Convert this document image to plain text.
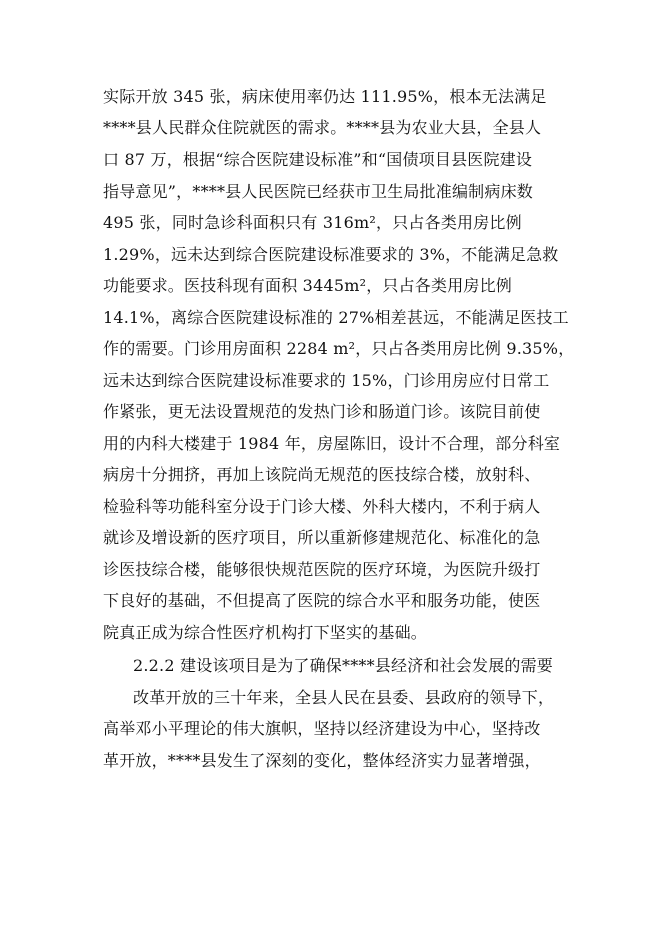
实际开放 345 张，病床使用率仍达 111.95%，根本无法满足
****县人民群众住院就医的需求。****县为农业大县，全县人
口 87 万，根据“综合医院建设标准”和“国债项目县医院建设
指导意见”，****县人民医院已经获市卫生局批准编制病床数
495 张，同时急诊科面积只有 316m²，只占各类用房比例
1.29%，远未达到综合医院建设标准要求的 3%，不能满足急救
功能要求。医技科现有面积 3445m²，只占各类用房比例
14.1%，离综合医院建设标准的 27%相差甚远，不能满足医技工
作的需要。门诊用房面积 2284 m²，只占各类用房比例 9.35%，
远未达到综合医院建设标准要求的 15%，门诊用房应付日常工
作紧张，更无法设置规范的发热门诊和肠道门诊。该院目前使
用的内科大楼建于 1984 年，房屋陈旧，设计不合理，部分科室
病房十分拥挤，再加上该院尚无规范的医技综合楼，放射科、
检验科等功能科室分设于门诊大楼、外科大楼内，不利于病人
就诊及增设新的医疗项目，所以重新修建规范化、标准化的急
诊医技综合楼，能够很快规范医院的医疗环境，为医院升级打
下良好的基础，不但提高了医院的综合水平和服务功能，使医
院真正成为综合性医疗机构打下坚实的基础。
2.2.2 建设该项目是为了确保****县经济和社会发展的需要
改革开放的三十年来，全县人民在县委、县政府的领导下，
高举邓小平理论的伟大旗帜，坚持以经济建设为中心，坚持改
革开放，****县发生了深刻的变化，整体经济实力显著增强，
